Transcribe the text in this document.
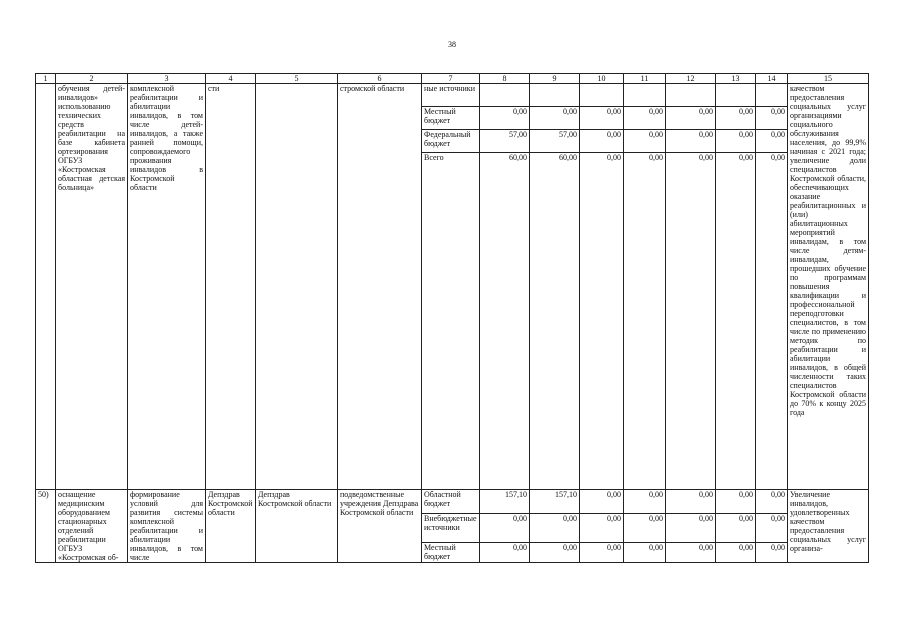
38
1	2	3	4	5	6	7	8	9	10	11	12	13	14	15
	обучения детей-инвалидов» использованию технических средств реабилитации на базе кабинета ортезирования ОГБУЗ «Костромская областная детская больница»	комплексной реабилитации и абилитации инвалидов, в том числе детей-инвалидов, а также ранней помощи, сопровождаемого проживания инвалидов в Костромской области	сти		стромской области	ные источники								качеством предоставления социальных услуг организациями социального обслуживания населения, до 99,9% начиная с 2021 года; увеличение доли специалистов Костромской области, обеспечивающих оказание реабилитационных и (или) абилитационных мероприятий инвалидам, в том числе детям-инвалидам, прошедших обучение по программам повышения квалификации и профессиональной переподготовки специалистов, в том числе по применению методик по реабилитации и абилитации инвалидов, в общей численности таких специалистов Костромской области до 70% к концу 2025 года
						Местный бюджет	0,00	0,00	0,00	0,00	0,00	0,00	0,00	
						Федеральный бюджет	57,00	57,00	0,00	0,00	0,00	0,00	0,00	
						Всего	60,00	60,00	0,00	0,00	0,00	0,00	0,00	
50)	оснащение медицинским оборудованием стационарных отделений реабилитации ОГБУЗ «Костромская об-	формирование условий для развития системы комплексной реабилитации и абилитации инвалидов, в том числе	Депздрав Костромской области	Депздрав Костромской области	подведомственные учреждения Депздрава Костромской области	Областной бюджет	157,10	157,10	0,00	0,00	0,00	0,00	0,00	Увеличение инвалидов, удовлетворенных качеством предоставления социальных услуг организа-
						Внебюджетные источники	0,00	0,00	0,00	0,00	0,00	0,00	0,00	
						Местный бюджет	0,00	0,00	0,00	0,00	0,00	0,00	0,00	
